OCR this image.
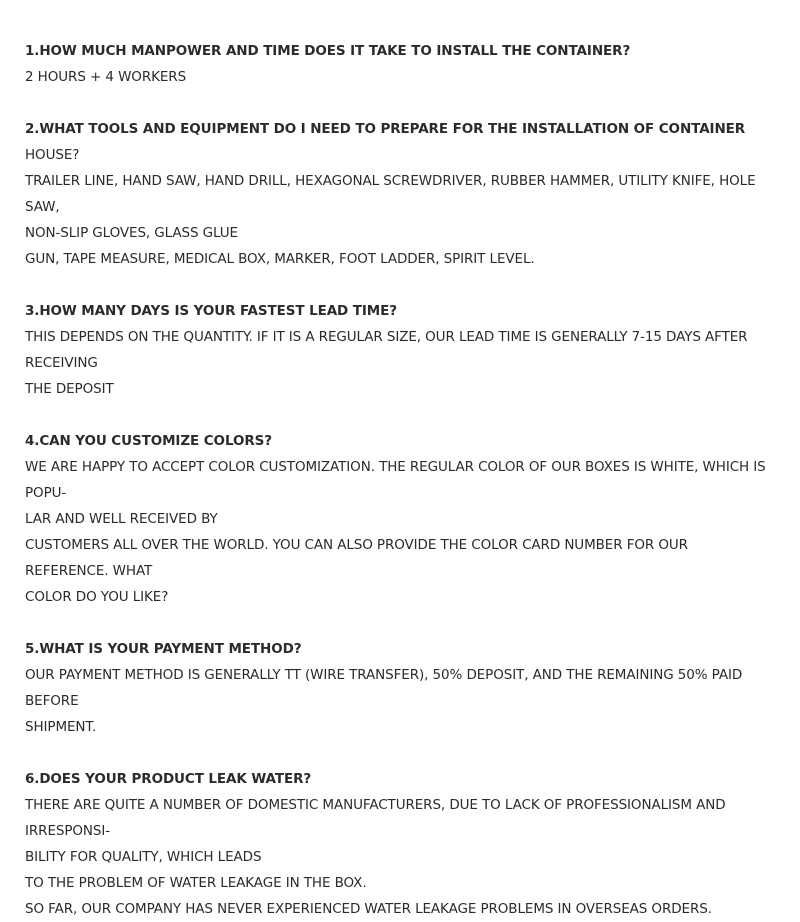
1.HOW MUCH MANPOWER AND TIME DOES IT TAKE TO INSTALL THE CONTAINER?

2 HOURS + 4 WORKERS

2.WHAT TOOLS AND EQUIPMENT DO I NEED TO PREPARE FOR THE INSTALLATION OF CONTAINER HOUSE?

TRAILER LINE, HAND SAW, HAND DRILL, HEXAGONAL SCREWDRIVER, RUBBER HAMMER, UTILITY KNIFE, HOLE SAW,

NON-SLIP GLOVES, GLASS GLUE

GUN, TAPE MEASURE, MEDICAL BOX, MARKER, FOOT LADDER, SPIRIT LEVEL.

3.HOW MANY DAYS IS YOUR FASTEST LEAD TIME?

THIS DEPENDS ON THE QUANTITY. IF IT IS A REGULAR SIZE, OUR LEAD TIME IS GENERALLY 7-15 DAYS AFTER RECEIVING

THE DEPOSIT

4.CAN YOU CUSTOMIZE COLORS?

WE ARE HAPPY TO ACCEPT COLOR CUSTOMIZATION. THE REGULAR COLOR OF OUR BOXES IS WHITE, WHICH IS POPU-

LAR AND WELL RECEIVED BY

CUSTOMERS ALL OVER THE WORLD. YOU CAN ALSO PROVIDE THE COLOR CARD NUMBER FOR OUR REFERENCE. WHAT

COLOR DO YOU LIKE?

5.WHAT IS YOUR PAYMENT METHOD?

OUR PAYMENT METHOD IS GENERALLY TT (WIRE TRANSFER), 50% DEPOSIT, AND THE REMAINING 50% PAID BEFORE

SHIPMENT.

6.DOES YOUR PRODUCT LEAK WATER?

THERE ARE QUITE A NUMBER OF DOMESTIC MANUFACTURERS, DUE TO LACK OF PROFESSIONALISM AND IRRESPONSI-

BILITY FOR QUALITY, WHICH LEADS

TO THE PROBLEM OF WATER LEAKAGE IN THE BOX.

SO FAR, OUR COMPANY HAS NEVER EXPERIENCED WATER LEAKAGE PROBLEMS IN OVERSEAS ORDERS.
